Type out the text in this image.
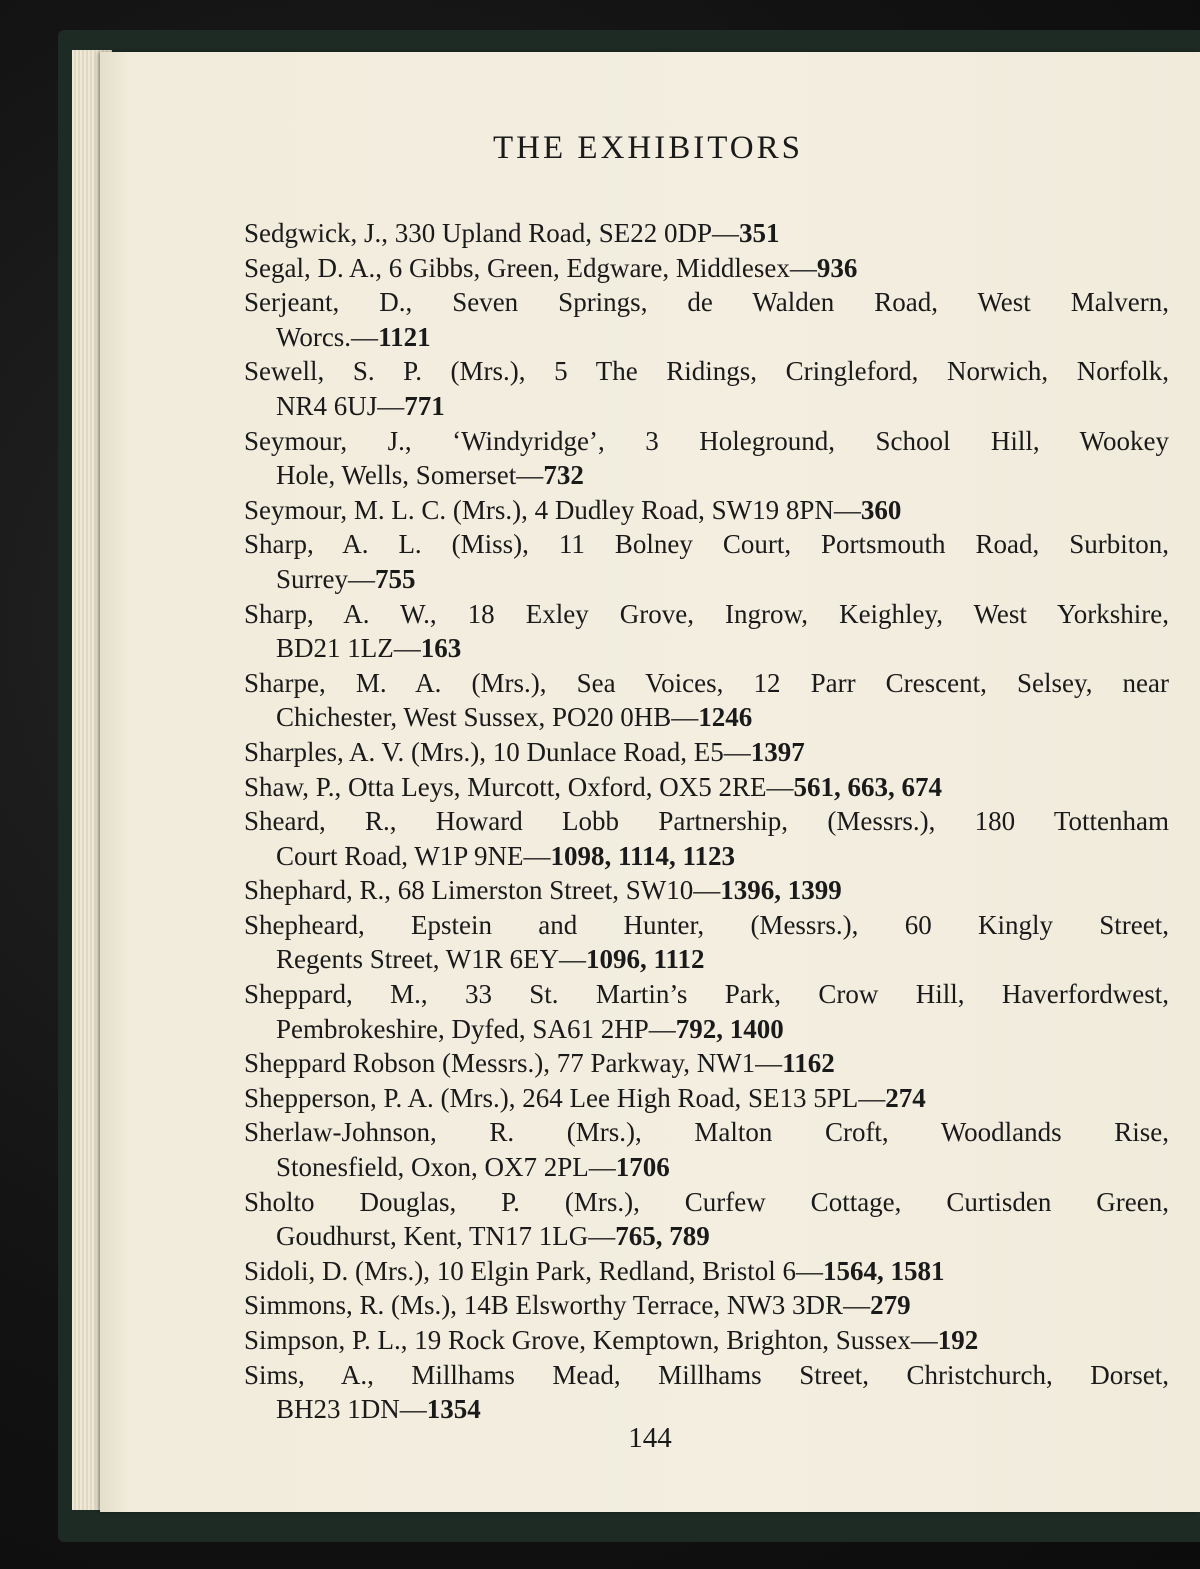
THE EXHIBITORS

Sedgwick, J., 330 Upland Road, SE22 0DP—351

Segal, D. A., 6 Gibbs, Green, Edgware, Middlesex—936

Serjeant, D., Seven Springs, de Walden Road, West Malvern,
Worcs.—1121

Sewell, S. P. (Mrs.), 5 The Ridings, Cringleford, Norwich, Norfolk,
NR4 6UJ—771

Seymour, J., ‘Windyridge’, 3 Holeground, School Hill, Wookey
Hole, Wells, Somerset—732

Seymour, M. L. C. (Mrs.), 4 Dudley Road, SW19 8PN—360

Sharp, A. L. (Miss), 11 Bolney Court, Portsmouth Road, Surbiton,
Surrey—755

Sharp, A. W., 18 Exley Grove, Ingrow, Keighley, West Yorkshire,
BD21 1LZ—163

Sharpe, M. A. (Mrs.), Sea Voices, 12 Parr Crescent, Selsey, near
Chichester, West Sussex, PO20 0HB—1246

Sharples, A. V. (Mrs.), 10 Dunlace Road, E5—1397

Shaw, P., Otta Leys, Murcott, Oxford, OX5 2RE—561, 663, 674

Sheard, R., Howard Lobb Partnership, (Messrs.), 180 Tottenham
Court Road, W1P 9NE—1098, 1114, 1123

Shephard, R., 68 Limerston Street, SW10—1396, 1399

Shepheard, Epstein and Hunter, (Messrs.), 60 Kingly Street,
Regents Street, W1R 6EY—1096, 1112

Sheppard, M., 33 St. Martin’s Park, Crow Hill, Haverfordwest,
Pembrokeshire, Dyfed, SA61 2HP—792, 1400

Sheppard Robson (Messrs.), 77 Parkway, NW1—1162

Shepperson, P. A. (Mrs.), 264 Lee High Road, SE13 5PL—274

Sherlaw-Johnson, R. (Mrs.), Malton Croft, Woodlands Rise,
Stonesfield, Oxon, OX7 2PL—1706

Sholto Douglas, P. (Mrs.), Curfew Cottage, Curtisden Green,
Goudhurst, Kent, TN17 1LG—765, 789

Sidoli, D. (Mrs.), 10 Elgin Park, Redland, Bristol 6—1564, 1581

Simmons, R. (Ms.), 14B Elsworthy Terrace, NW3 3DR—279

Simpson, P. L., 19 Rock Grove, Kemptown, Brighton, Sussex—192

Sims, A., Millhams Mead, Millhams Street, Christchurch, Dorset,
BH23 1DN—1354

144
